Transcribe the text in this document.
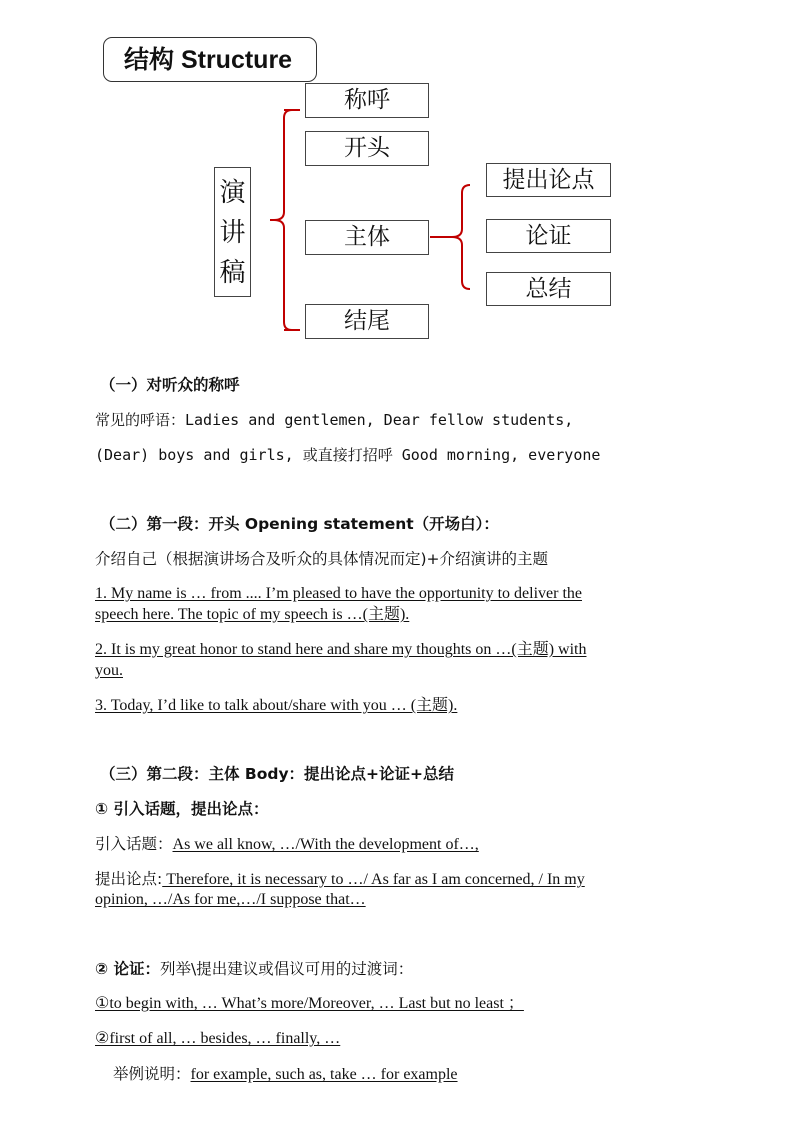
结构 Structure
演
讲
稿
称呼
开头
主体
结尾
提出论点
论证
总结
（一）对听众的称呼
常见的呼语：Ladies and gentlemen, Dear fellow students,
(Dear) boys and girls, 或直接打招呼 Good morning, everyone
（二）第一段：开头 Opening statement（开场白）：
介绍自己（根据演讲场合及听众的具体情况而定)+介绍演讲的主题
1. My name is … from .... I’m pleased to have the opportunity to deliver the
speech here. The topic of my speech is …(主题).
2. It is my great honor to stand here and share my thoughts on …(主题) with
you.
3. Today, I’d like to talk about/share with you … (主题).
（三）第二段：主体 Body：提出论点+论证+总结
① 引入话题，提出论点：
引入话题：As we all know, …/With the development of…,
提出论点: Therefore, it is necessary to …/ As far as I am concerned, / In my
opinion, …/As for me,…/I suppose that…
② 论证：列举\提出建议或倡议可用的过渡词：
①to begin with, … What’s more/Moreover, … Last but no least ；
②first of all, … besides, … finally, …
举例说明：for example, such as, take … for example
